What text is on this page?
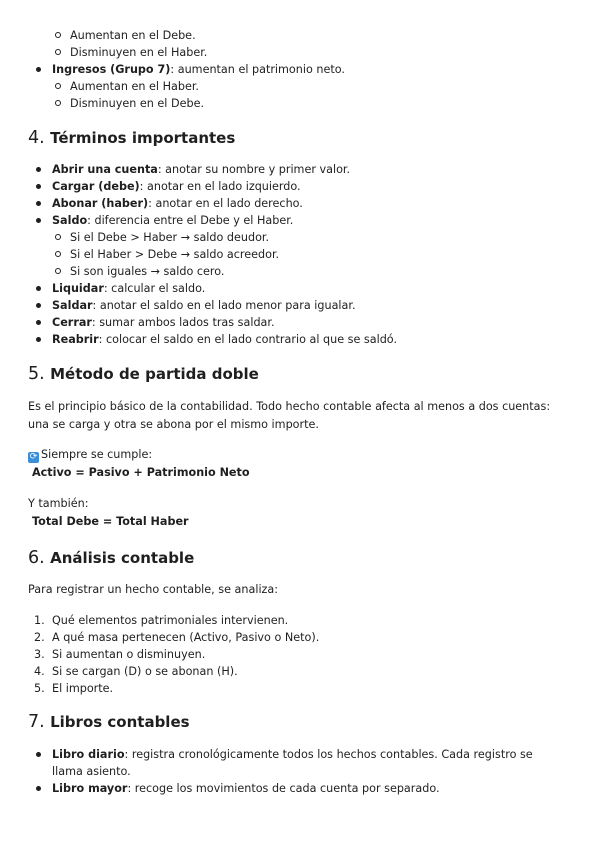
Aumentan en el Debe.
Disminuyen en el Haber.
Ingresos (Grupo 7): aumentan el patrimonio neto.
Aumentan en el Haber.
Disminuyen en el Debe.
4. Términos importantes
Abrir una cuenta: anotar su nombre y primer valor.
Cargar (debe): anotar en el lado izquierdo.
Abonar (haber): anotar en el lado derecho.
Saldo: diferencia entre el Debe y el Haber.
Si el Debe > Haber → saldo deudor.
Si el Haber > Debe → saldo acreedor.
Si son iguales → saldo cero.
Liquidar: calcular el saldo.
Saldar: anotar el saldo en el lado menor para igualar.
Cerrar: sumar ambos lados tras saldar.
Reabrir: colocar el saldo en el lado contrario al que se saldó.
5. Método de partida doble

Es el principio básico de la contabilidad. Todo hecho contable afecta al menos a dos cuentas: una se carga y otra se abona por el mismo importe.

⟳ Siempre se cumple:

Activo = Pasivo + Patrimonio Neto

Y también:

Total Debe = Total Haber

6. Análisis contable

Para registrar un hecho contable, se analiza:

1. Qué elementos patrimoniales intervienen.
2. A qué masa pertenecen (Activo, Pasivo o Neto).
3. Si aumentan o disminuyen.
4. Si se cargan (D) o se abonan (H).
5. El importe.
7. Libros contables
Libro diario: registra cronológicamente todos los hechos contables. Cada registro se llama asiento.
Libro mayor: recoge los movimientos de cada cuenta por separado.
